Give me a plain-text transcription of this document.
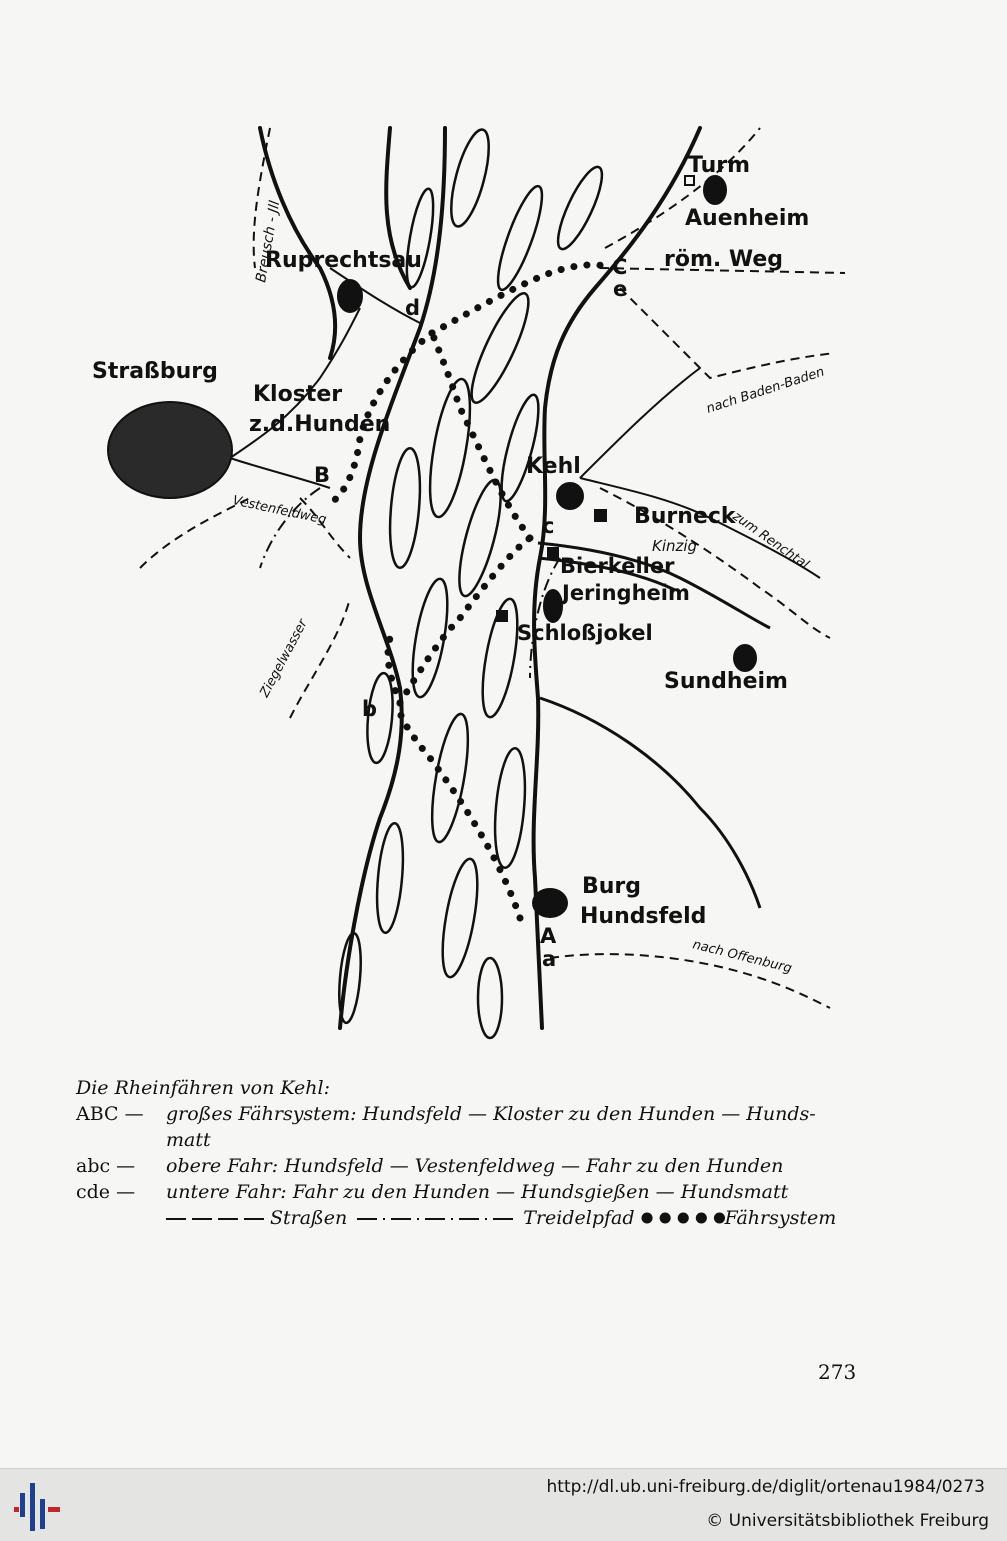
Turm
Auenheim
Ruprechtsau	röm. Weg
Straßburg
Kloster
z.d.Hunden
Kehl
Burneck
Kinzig
Bierkeller
Jeringheim
Schloßjokel
Sundheim
Burg
Hundsfeld
Breusch - Jll
nach Baden-Baden
zum Renchtal
Vestenfeldweg
Ziegelwasser
nach Offenburg
C
e
d
B
c
b
A
a
Die Rheinfähren von Kehl:
ABC —	großes Fährsystem: Hundsfeld — Kloster zu den Hunden — Hunds-
matt
abc —	obere Fahr: Hundsfeld — Vestenfeldweg — Fahr zu den Hunden
cde —	untere Fahr: Fahr zu den Hunden — Hundsgießen — Hundsmatt
Straßen	Treidelpfad	Fährsystem
273
http://dl.ub.uni-freiburg.de/diglit/ortenau1984/0273
© Universitätsbibliothek Freiburg
